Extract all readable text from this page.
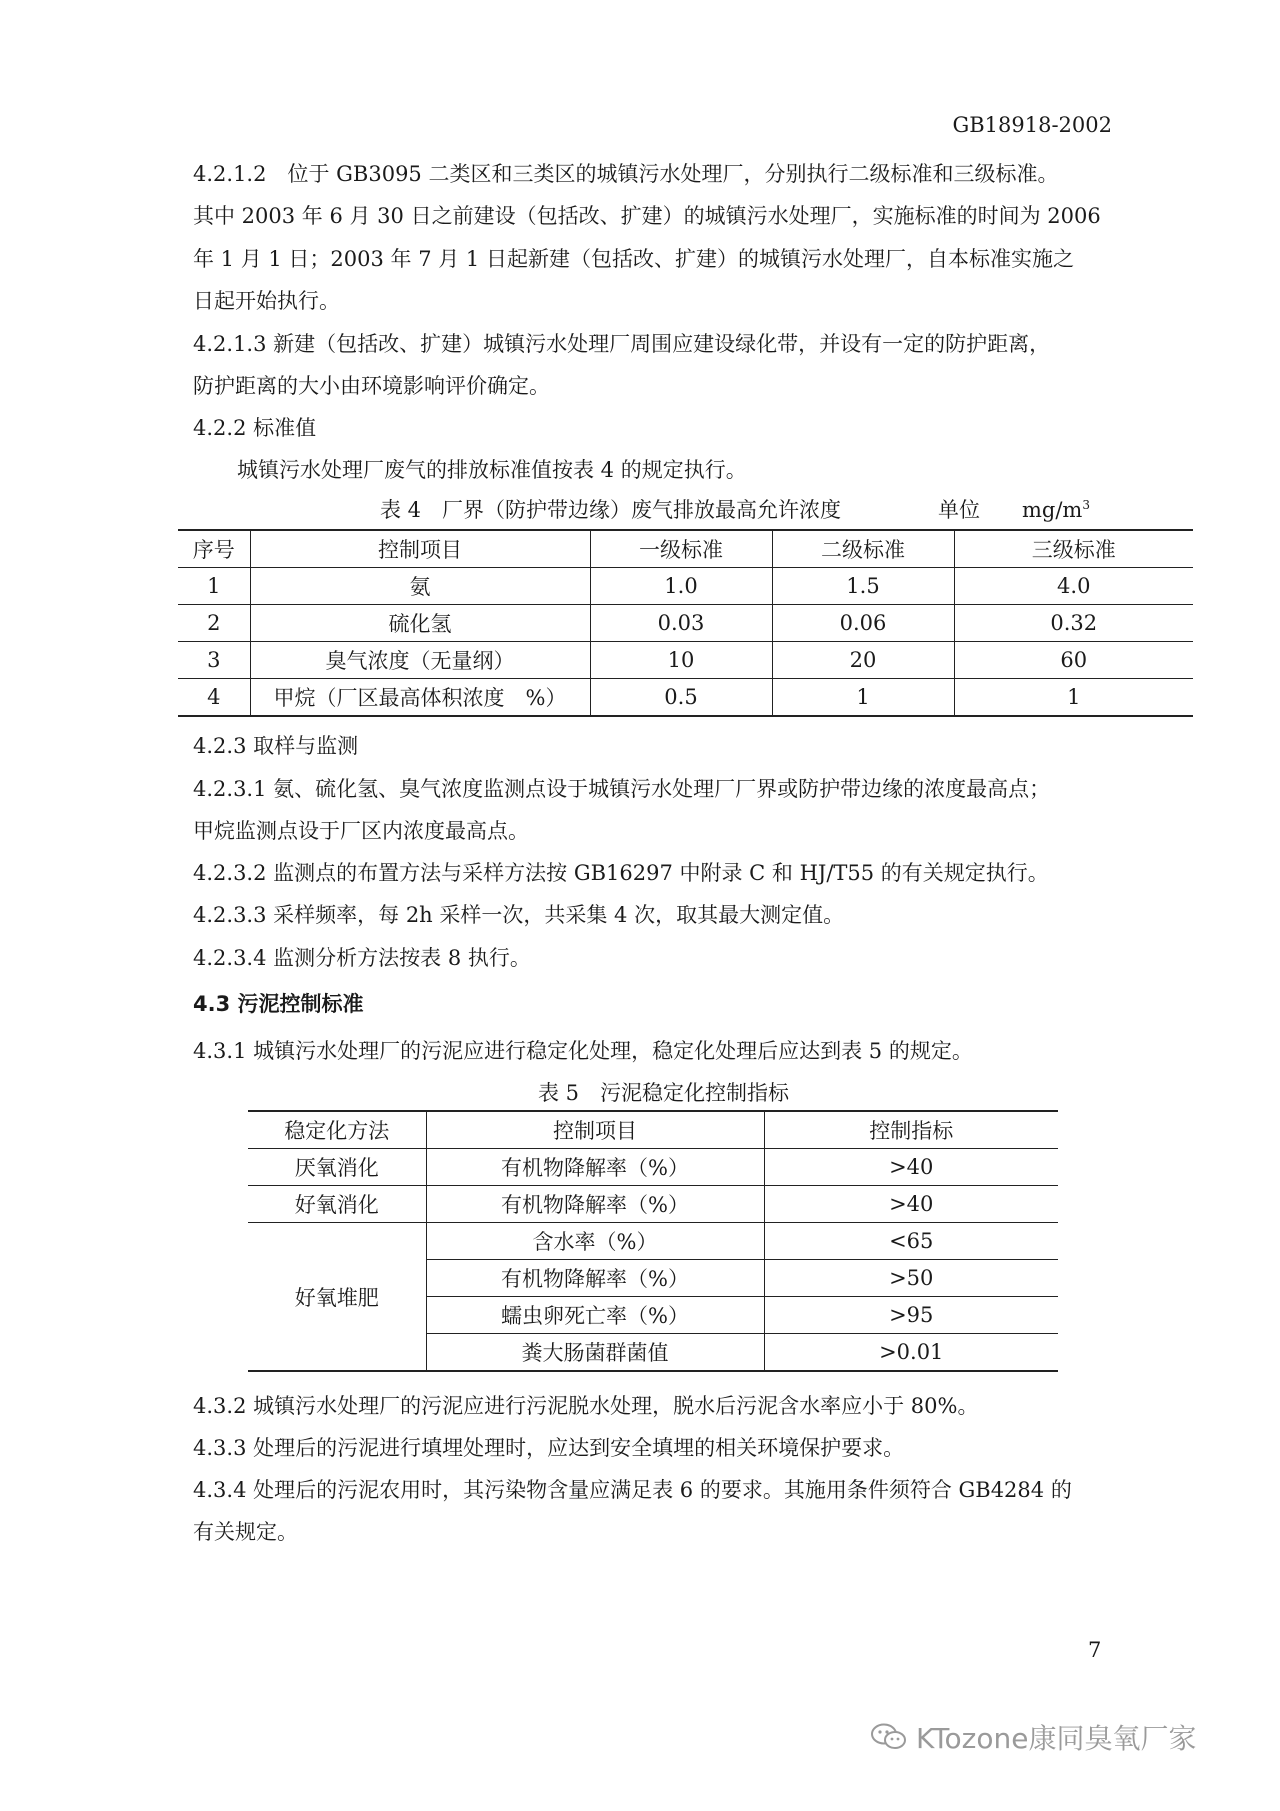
GB18918-2002
4.2.1.2　位于 GB3095 二类区和三类区的城镇污水处理厂，分别执行二级标准和三级标准。
其中 2003 年 6 月 30 日之前建设（包括改、扩建）的城镇污水处理厂，实施标准的时间为 2006
年 1 月 1 日；2003 年 7 月 1 日起新建（包括改、扩建）的城镇污水处理厂，自本标准实施之
日起开始执行。
4.2.1.3 新建（包括改、扩建）城镇污水处理厂周围应建设绿化带，并设有一定的防护距离，
防护距离的大小由环境影响评价确定。
4.2.2 标准值
城镇污水处理厂废气的排放标准值按表 4 的规定执行。
表 4　厂界（防护带边缘）废气排放最高允许浓度	单位　　 $mg/m^3$
序号	控制项目	一级标准	二级标准	三级标准
1	氨	1.0	1.5	4.0
2	硫化氢	0.03	0.06	0.32
3	臭气浓度（无量纲）	10	20	60
4	甲烷（厂区最高体积浓度　%）	0.5	1	1
4.2.3 取样与监测
4.2.3.1 氨、硫化氢、臭气浓度监测点设于城镇污水处理厂厂界或防护带边缘的浓度最高点；
甲烷监测点设于厂区内浓度最高点。
4.2.3.2 监测点的布置方法与采样方法按 GB16297 中附录 C 和 HJ/T55 的有关规定执行。
4.2.3.3 采样频率，每 2h 采样一次，共采集 4 次，取其最大测定值。
4.2.3.4 监测分析方法按表 8 执行。
4.3 污泥控制标准
4.3.1 城镇污水处理厂的污泥应进行稳定化处理，稳定化处理后应达到表 5 的规定。
表 5　污泥稳定化控制指标
稳定化方法	控制项目	控制指标
厌氧消化	有机物降解率（%）	>40
好氧消化	有机物降解率（%）	>40
好氧堆肥	含水率（%）	<65
	有机物降解率（%）	>50
	蠕虫卵死亡率（%）	>95
	粪大肠菌群菌值	>0.01
4.3.2 城镇污水处理厂的污泥应进行污泥脱水处理，脱水后污泥含水率应小于 80%。
4.3.3 处理后的污泥进行填埋处理时，应达到安全填埋的相关环境保护要求。
4.3.4 处理后的污泥农用时，其污染物含量应满足表 6 的要求。其施用条件须符合 GB4284 的
有关规定。
7
KTozone康同臭氧厂家
